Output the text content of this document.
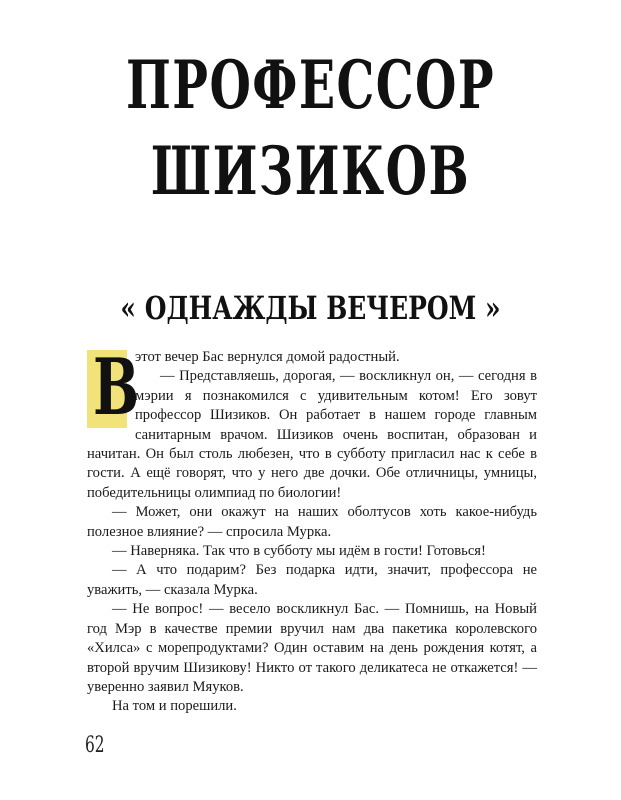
ПРОФЕССОР
ШИЗИКОВ
« ОДНАЖДЫ ВЕЧЕРОМ »
В

этот вечер Бас вернулся домой радостный.

— Представляешь, дорогая, — воскликнул он, — сегодня в мэрии я познакомился с удивительным котом! Его зовут профессор Шизиков. Он работает в нашем городе главным санитарным врачом. Шизиков очень воспитан, образован и начитан. Он был столь любезен, что в субботу пригласил нас к себе в гости. А ещё говорят, что у него две дочки. Обе отличницы, умницы, победительницы олимпиад по биологии!

— Может, они окажут на наших оболтусов хоть какое-нибудь полезное влияние? — спросила Мурка.

— Наверняка. Так что в субботу мы идём в гости! Готовься!

— А что подарим? Без подарка идти, значит, профессора не уважить, — сказала Мурка.

— Не вопрос! — весело воскликнул Бас. — Помнишь, на Новый год Мэр в качестве премии вручил нам два пакетика королевского «Хилса» с морепродуктами? Один оставим на день рождения котят, а второй вручим Шизикову! Никто от такого деликатеса не откажется! — уверенно заявил Мяуков.

На том и порешили.

62
